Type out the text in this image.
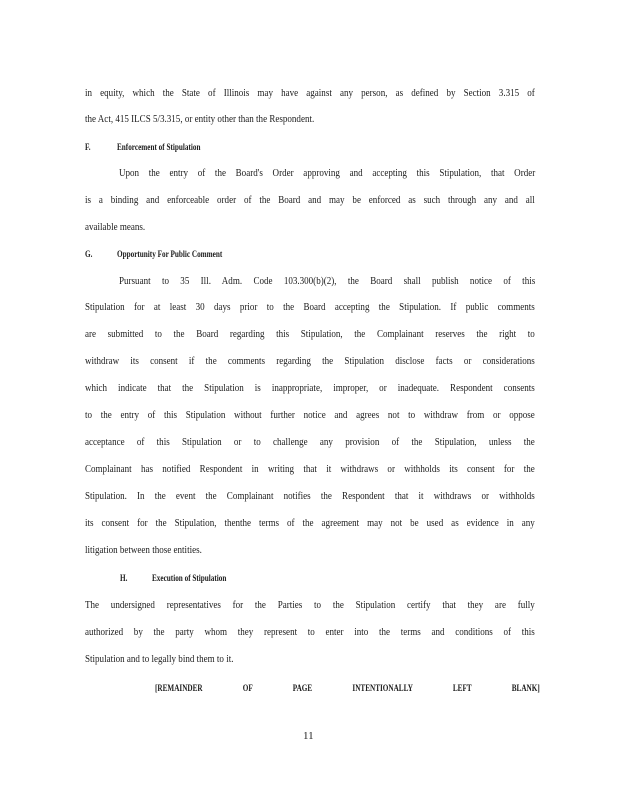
in equity, which the State of Illinois may have against any person, as defined by Section 3.315 of
the Act, 415 ILCS 5/3.315, or entity other than the Respondent.
F.	Enforcement of Stipulation
Upon the entry of the Board's Order approving and accepting this Stipulation, that Order
is a binding and enforceable order of the Board and may be enforced as such through any and all
available means.
G.	Opportunity For Public Comment
Pursuant to 35 Ill. Adm. Code 103.300(b)(2), the Board shall publish notice of this
Stipulation for at least 30 days prior to the Board accepting the Stipulation. If public comments
are submitted to the Board regarding this Stipulation, the Complainant reserves the right to
withdraw its consent if the comments regarding the Stipulation disclose facts or considerations
which indicate that the Stipulation is inappropriate, improper, or inadequate. Respondent consents
to the entry of this Stipulation without further notice and agrees not to withdraw from or oppose
acceptance of this Stipulation or to challenge any provision of the Stipulation, unless the
Complainant has notified Respondent in writing that it withdraws or withholds its consent for the
Stipulation. In the event the Complainant notifies the Respondent that it withdraws or withholds
its consent for the Stipulation, thenthe terms of the agreement may not be used as evidence in any
litigation between those entities.
H.	Execution of Stipulation
The undersigned representatives for the Parties to the Stipulation certify that they are fully
authorized by the party whom they represent to enter into the terms and conditions of this
Stipulation and to legally bind them to it.
[REMAINDER OF PAGE INTENTIONALLY LEFT BLANK]
11
